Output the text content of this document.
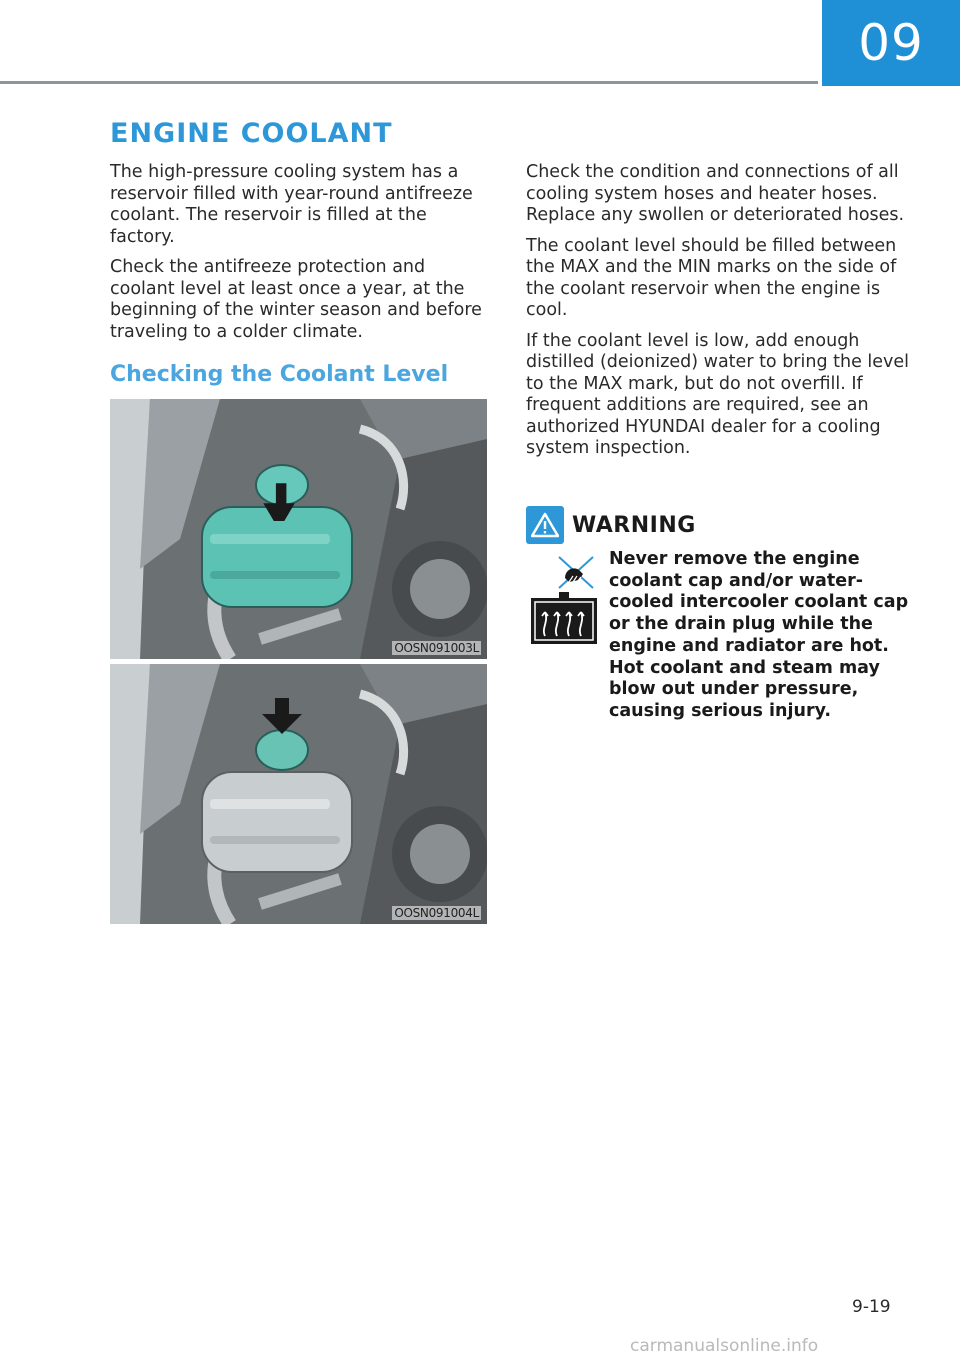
09
ENGINE COOLANT

The high-pressure cooling system has a reservoir filled with year-round antifreeze coolant. The reservoir is filled at the factory.

Check the antifreeze protection and coolant level at least once a year, at the beginning of the winter season and before traveling to a colder climate.

Checking the Coolant Level
OOSN091003L
OOSN091004L

Check the condition and connections of all cooling system hoses and heater hoses. Replace any swollen or deteriorated hoses.

The coolant level should be filled between the MAX and the MIN marks on the side of the coolant reservoir when the engine is cool.

If the coolant level is low, add enough distilled (deionized) water to bring the level to the MAX mark, but do not overfill. If frequent additions are required, see an authorized HYUNDAI dealer for a cooling system inspection.

WARNING

Never remove the engine coolant cap and/or water-cooled intercooler coolant cap or the drain plug while the engine and radiator are hot. Hot coolant and steam may blow out under pressure, causing serious injury.

9-19
carmanualsonline.info
